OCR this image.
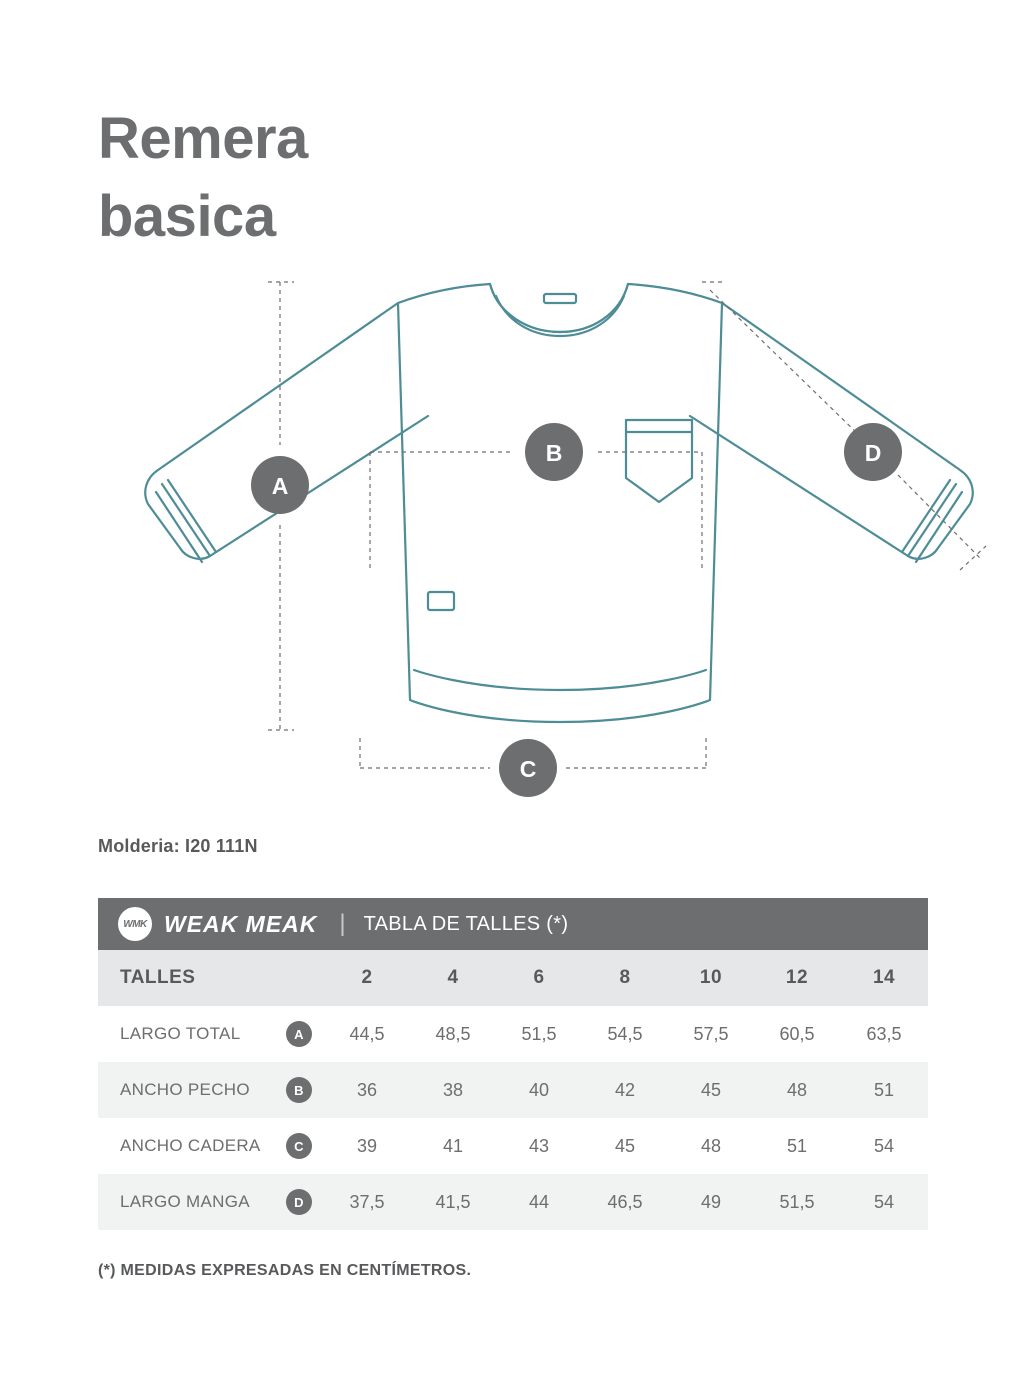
Remera
basica
A
B
C
D
Molderia: I20 111N
WMK WEAK MEAK | TABLA DE TALLES (*)							

TALLES	2	4	6	8	10	12	14
LARGO TOTAL A	44,5	48,5	51,5	54,5	57,5	60,5	63,5
ANCHO PECHO B	36	38	40	42	45	48	51
ANCHO CADERA C	39	41	43	45	48	51	54
LARGO MANGA D	37,5	41,5	44	46,5	49	51,5	54
(*) MEDIDAS EXPRESADAS EN CENTÍMETROS.
